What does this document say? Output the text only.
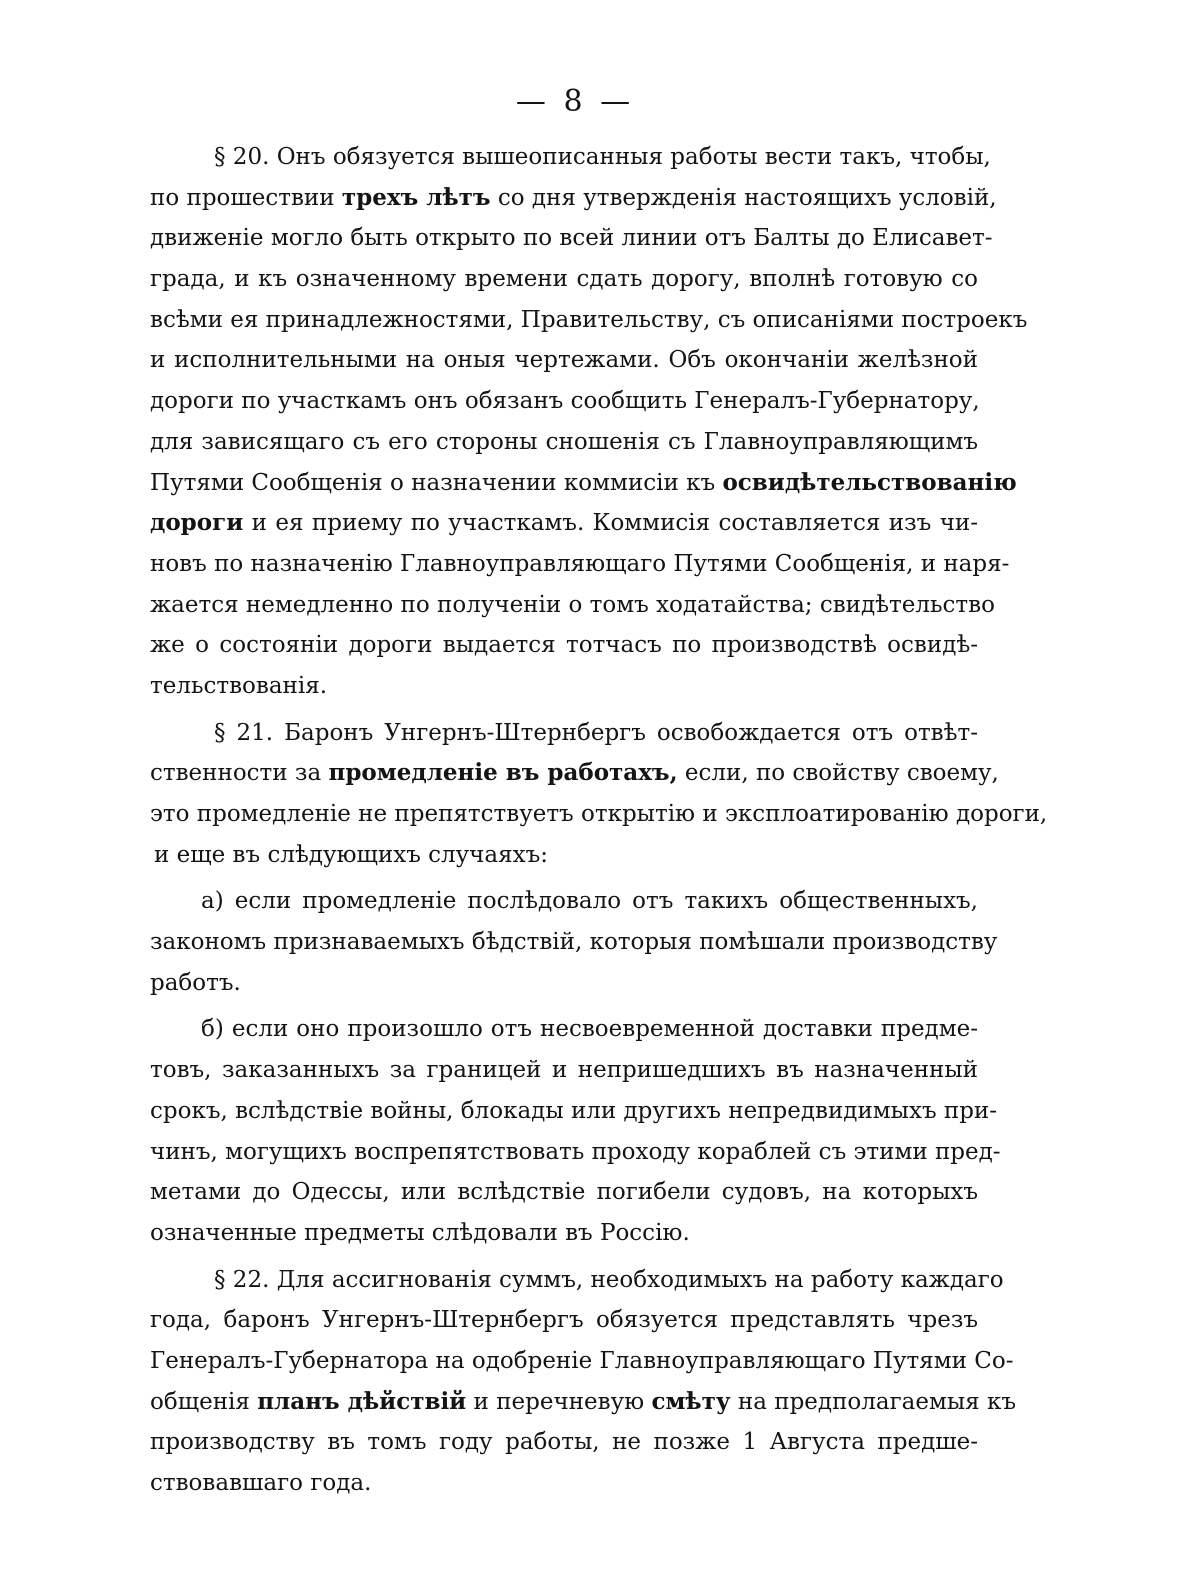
— 8 —
§ 20. Онъ обязуется вышеописанныя работы вести такъ, чтобы,
по прошествии трехъ лѣтъ со дня утвержденія настоящихъ условій,
движеніе могло быть открыто по всей линии отъ Балты до Елисавет-
града, и къ означенному времени сдать дорогу, вполнѣ готовую со
всѣми ея принадлежностями, Правительству, съ описаніями построекъ
и исполнительными на оныя чертежами. Объ окончаніи желѣзной
дороги по участкамъ онъ обязанъ сообщить Генералъ-Губернатору,
для зависящаго съ его стороны сношенія съ Главноуправляющимъ
Путями Сообщенія о назначении коммисіи къ освидѣтельствованію
дороги и ея приему по участкамъ. Коммисія составляется изъ чи-
новъ по назначенію Главноуправляющаго Путями Сообщенія, и наря-
жается немедленно по полученіи о томъ ходатайства; свидѣтельство
же о состояніи дороги выдается тотчасъ по производствѣ освидѣ-
тельствованія.
§ 21. Баронъ Унгернъ-Штернбергъ освобождается отъ отвѣт-
ственности за промедленіе въ работахъ, если, по свойству своему,
это промедленіе не препятствуетъ открытію и эксплоатированію дороги,
и еще въ слѣдующихъ случаяхъ:
а) если промедленіе послѣдовало отъ такихъ общественныхъ,
закономъ признаваемыхъ бѣдствій, которыя помѣшали производству
работъ.
б) если оно произошло отъ несвоевременной доставки предме-
товъ, заказанныхъ за границей и непришедшихъ въ назначенный
срокъ, вслѣдствіе войны, блокады или другихъ непредвидимыхъ при-
чинъ, могущихъ воспрепятствовать проходу кораблей съ этими пред-
метами до Одессы, или вслѣдствіе погибели судовъ, на которыхъ
означенные предметы слѣдовали въ Россію.
§ 22. Для ассигнованія суммъ, необходимыхъ на работу каждаго
года, баронъ Унгернъ-Штернбергъ обязуется представлять чрезъ
Генералъ-Губернатора на одобреніе Главноуправляющаго Путями Со-
общенія планъ дѣйствій и перечневую смѣту на предполагаемыя къ
производству въ томъ году работы, не позже 1 Августа предше-
ствовавшаго года.
